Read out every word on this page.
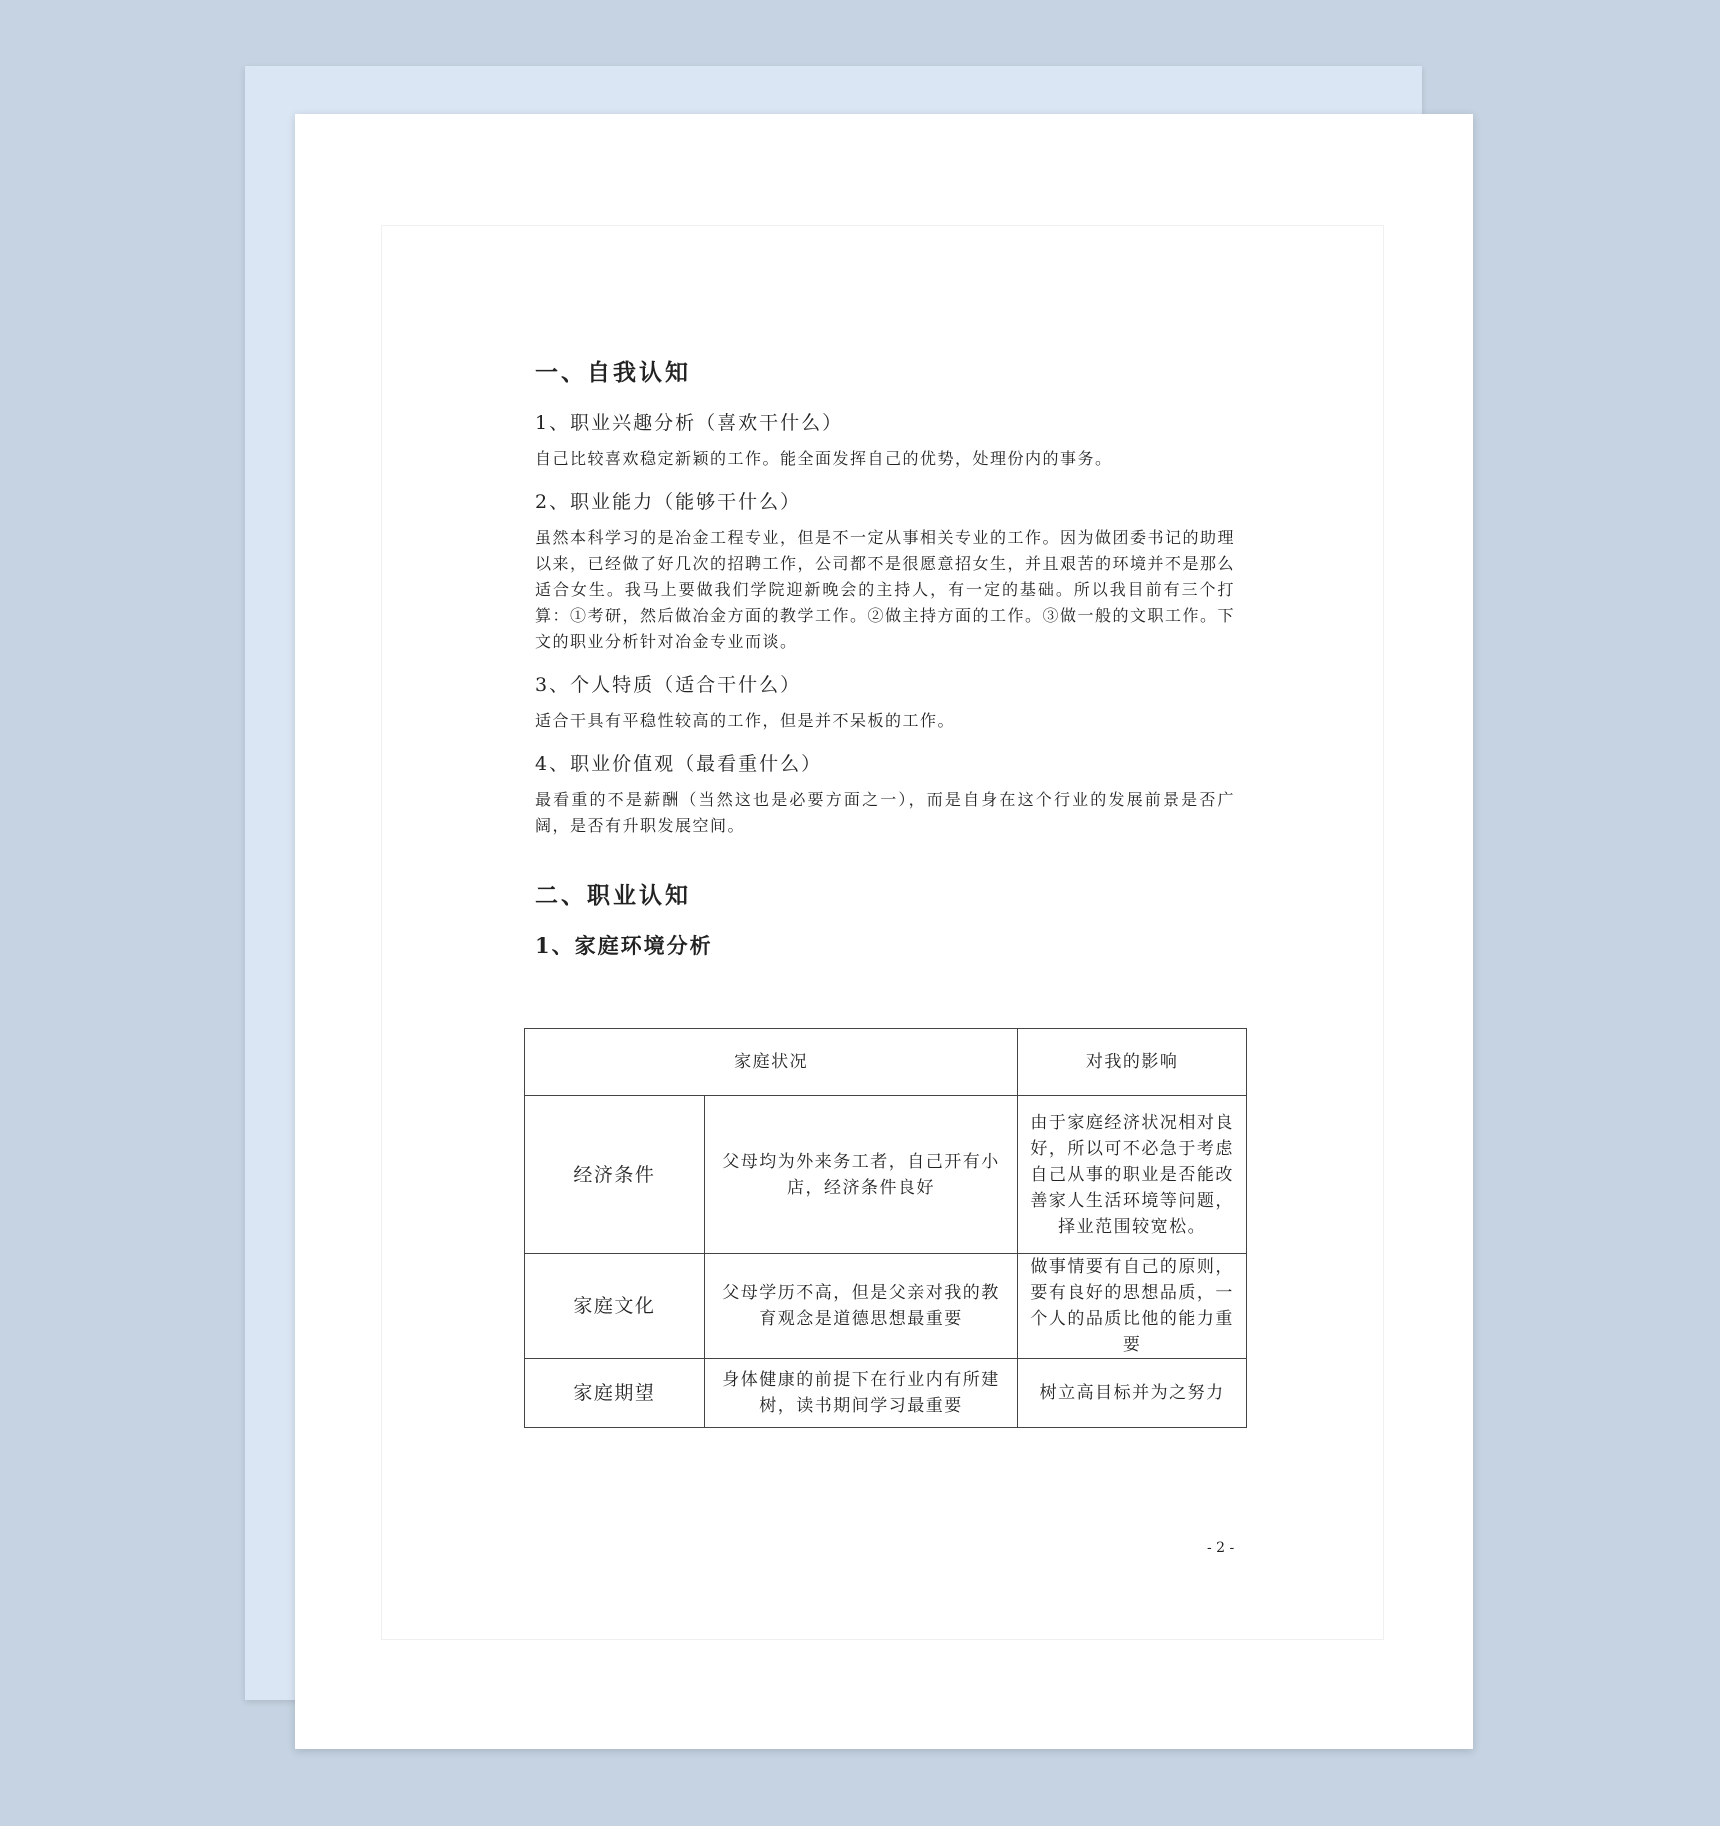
一、自我认知
1、职业兴趣分析（喜欢干什么）

自己比较喜欢稳定新颖的工作。能全面发挥自己的优势，处理份内的事务。

2、职业能力（能够干什么）

虽然本科学习的是冶金工程专业，但是不一定从事相关专业的工作。因为做团委书记的助理以来，已经做了好几次的招聘工作，公司都不是很愿意招女生，并且艰苦的环境并不是那么适合女生。我马上要做我们学院迎新晚会的主持人，有一定的基础。所以我目前有三个打算：①考研，然后做冶金方面的教学工作。②做主持方面的工作。③做一般的文职工作。下文的职业分析针对冶金专业而谈。

3、个人特质（适合干什么）

适合干具有平稳性较高的工作，但是并不呆板的工作。

4、职业价值观（最看重什么）

最看重的不是薪酬（当然这也是必要方面之一），而是自身在这个行业的发展前景是否广阔，是否有升职发展空间。

二、职业认知
1、家庭环境分析
家庭状况		对我的影响
经济条件	父母均为外来务工者，自己开有小店，经济条件良好	由于家庭经济状况相对良好，所以可不必急于考虑自己从事的职业是否能改善家人生活环境等问题，择业范围较宽松。
家庭文化	父母学历不高，但是父亲对我的教育观念是道德思想最重要	做事情要有自己的原则，要有良好的思想品质，一个人的品质比他的能力重要
家庭期望	身体健康的前提下在行业内有所建树，读书期间学习最重要	树立高目标并为之努力
- 2 -
